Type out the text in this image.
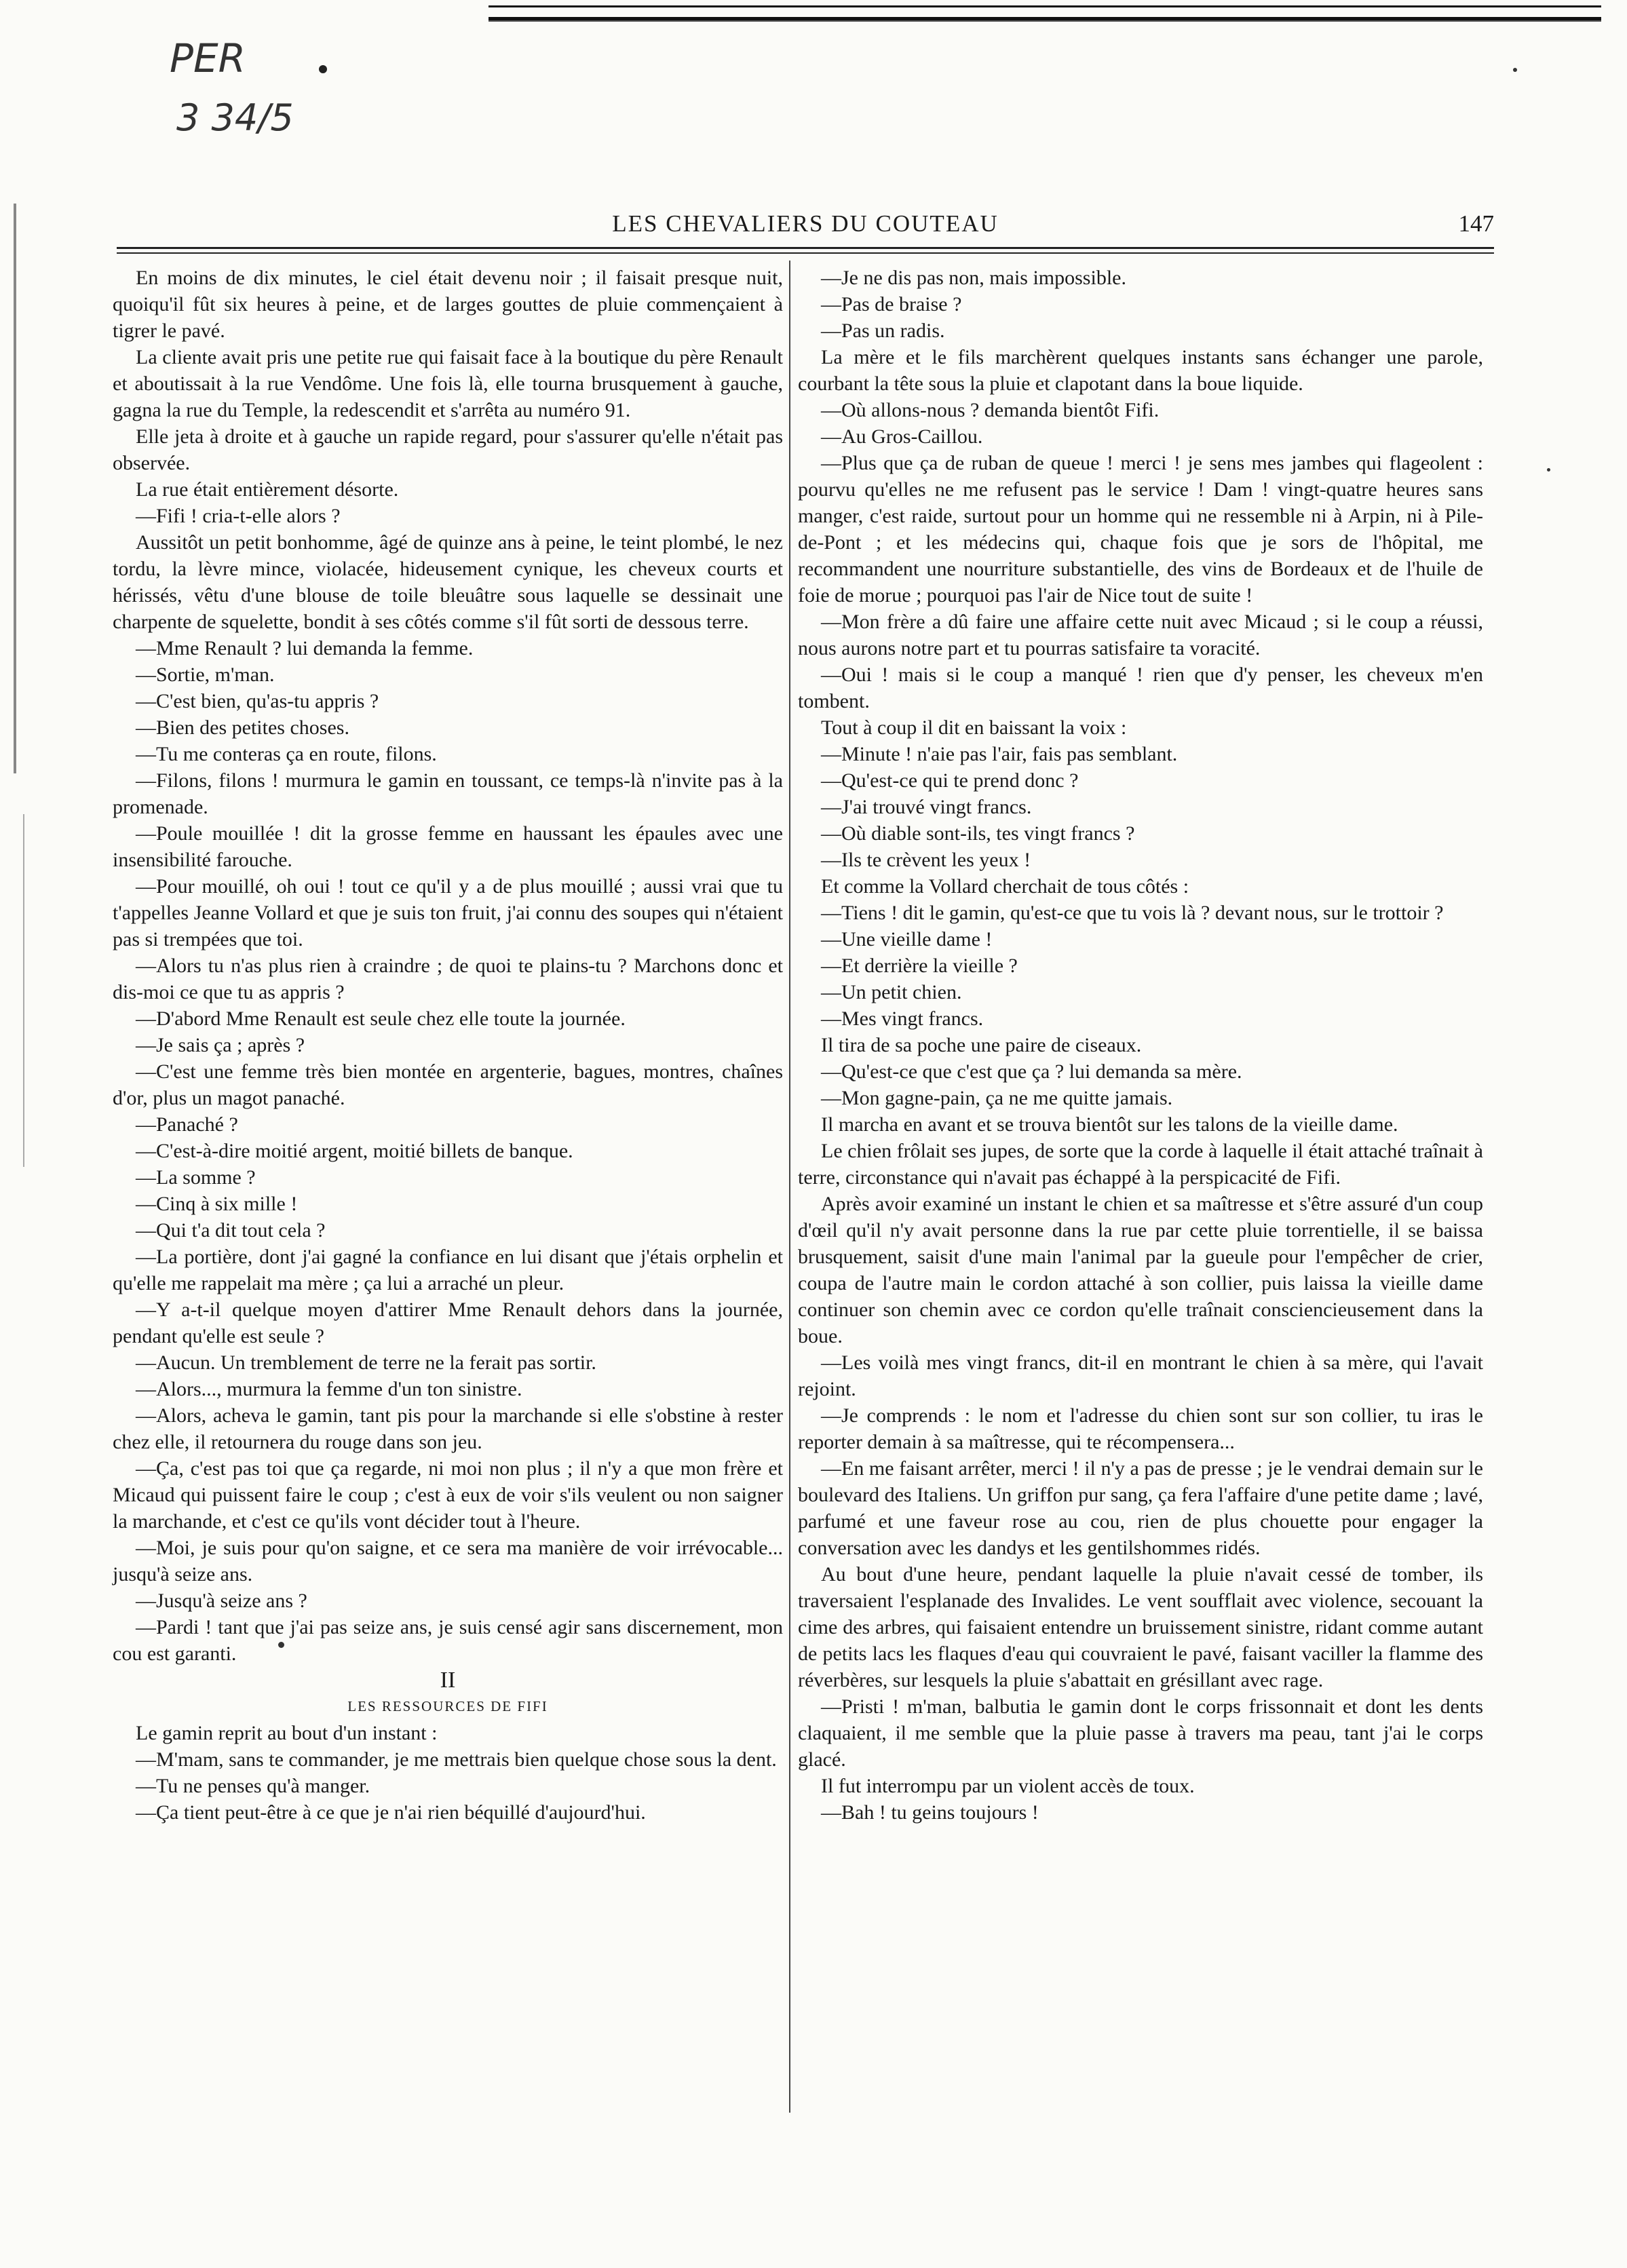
PER
3 34/5
LES CHEVALIERS DU COUTEAU	147

En moins de dix minutes, le ciel était devenu noir ; il faisait presque nuit, quoiqu'il fût six heures à peine, et de larges gouttes de pluie commençaient à tigrer le pavé.

La cliente avait pris une petite rue qui faisait face à la boutique du père Renault et aboutissait à la rue Vendôme. Une fois là, elle tourna brusquement à gauche, gagna la rue du Temple, la redescendit et s'arrêta au numéro 91.

Elle jeta à droite et à gauche un rapide regard, pour s'assurer qu'elle n'était pas observée.

La rue était entièrement désorte.

—Fifi ! cria-t-elle alors ?

Aussitôt un petit bonhomme, âgé de quinze ans à peine, le teint plombé, le nez tordu, la lèvre mince, violacée, hideusement cynique, les cheveux courts et hérissés, vêtu d'une blouse de toile bleuâtre sous laquelle se dessinait une charpente de squelette, bondit à ses côtés comme s'il fût sorti de dessous terre.

—Mme Renault ? lui demanda la femme.

—Sortie, m'man.

—C'est bien, qu'as-tu appris ?

—Bien des petites choses.

—Tu me conteras ça en route, filons.

—Filons, filons ! murmura le gamin en toussant, ce temps-là n'invite pas à la promenade.

—Poule mouillée ! dit la grosse femme en haussant les épaules avec une insensibilité farouche.

—Pour mouillé, oh oui ! tout ce qu'il y a de plus mouillé ; aussi vrai que tu t'appelles Jeanne Vollard et que je suis ton fruit, j'ai connu des soupes qui n'étaient pas si trempées que toi.

—Alors tu n'as plus rien à craindre ; de quoi te plains-tu ? Marchons donc et dis-moi ce que tu as appris ?

—D'abord Mme Renault est seule chez elle toute la journée.

—Je sais ça ; après ?

—C'est une femme très bien montée en argenterie, bagues, montres, chaînes d'or, plus un magot panaché.

—Panaché ?

—C'est-à-dire moitié argent, moitié billets de banque.

—La somme ?

—Cinq à six mille !

—Qui t'a dit tout cela ?

—La portière, dont j'ai gagné la confiance en lui disant que j'étais orphelin et qu'elle me rappelait ma mère ; ça lui a arraché un pleur.

—Y a-t-il quelque moyen d'attirer Mme Renault dehors dans la journée, pendant qu'elle est seule ?

—Aucun. Un tremblement de terre ne la ferait pas sortir.

—Alors..., murmura la femme d'un ton sinistre.

—Alors, acheva le gamin, tant pis pour la marchande si elle s'obstine à rester chez elle, il retournera du rouge dans son jeu.

—Ça, c'est pas toi que ça regarde, ni moi non plus ; il n'y a que mon frère et Micaud qui puissent faire le coup ; c'est à eux de voir s'ils veulent ou non saigner la marchande, et c'est ce qu'ils vont décider tout à l'heure.

—Moi, je suis pour qu'on saigne, et ce sera ma manière de voir irrévocable... jusqu'à seize ans.

—Jusqu'à seize ans ?

—Pardi ! tant que j'ai pas seize ans, je suis censé agir sans discernement, mon cou est garanti.

II

LES RESSOURCES DE FIFI

Le gamin reprit au bout d'un instant :

—M'mam, sans te commander, je me mettrais bien quelque chose sous la dent.

—Tu ne penses qu'à manger.

—Ça tient peut-être à ce que je n'ai rien béquillé d'aujourd'hui.

—Je ne dis pas non, mais impossible.

—Pas de braise ?

—Pas un radis.

La mère et le fils marchèrent quelques instants sans échanger une parole, courbant la tête sous la pluie et clapotant dans la boue liquide.

—Où allons-nous ? demanda bientôt Fifi.

—Au Gros-Caillou.

—Plus que ça de ruban de queue ! merci ! je sens mes jambes qui flageolent : pourvu qu'elles ne me refusent pas le service ! Dam ! vingt-quatre heures sans manger, c'est raide, surtout pour un homme qui ne ressemble ni à Arpin, ni à Pile-de-Pont ; et les médecins qui, chaque fois que je sors de l'hôpital, me recommandent une nourriture substantielle, des vins de Bordeaux et de l'huile de foie de morue ; pourquoi pas l'air de Nice tout de suite !

—Mon frère a dû faire une affaire cette nuit avec Micaud ; si le coup a réussi, nous aurons notre part et tu pourras satisfaire ta voracité.

—Oui ! mais si le coup a manqué ! rien que d'y penser, les cheveux m'en tombent.

Tout à coup il dit en baissant la voix :

—Minute ! n'aie pas l'air, fais pas semblant.

—Qu'est-ce qui te prend donc ?

—J'ai trouvé vingt francs.

—Où diable sont-ils, tes vingt francs ?

—Ils te crèvent les yeux !

Et comme la Vollard cherchait de tous côtés :

—Tiens ! dit le gamin, qu'est-ce que tu vois là ? devant nous, sur le trottoir ?

—Une vieille dame !

—Et derrière la vieille ?

—Un petit chien.

—Mes vingt francs.

Il tira de sa poche une paire de ciseaux.

—Qu'est-ce que c'est que ça ? lui demanda sa mère.

—Mon gagne-pain, ça ne me quitte jamais.

Il marcha en avant et se trouva bientôt sur les talons de la vieille dame.

Le chien frôlait ses jupes, de sorte que la corde à laquelle il était attaché traînait à terre, circonstance qui n'avait pas échappé à la perspicacité de Fifi.

Après avoir examiné un instant le chien et sa maîtresse et s'être assuré d'un coup d'œil qu'il n'y avait personne dans la rue par cette pluie torrentielle, il se baissa brusquement, saisit d'une main l'animal par la gueule pour l'empêcher de crier, coupa de l'autre main le cordon attaché à son collier, puis laissa la vieille dame continuer son chemin avec ce cordon qu'elle traînait consciencieusement dans la boue.

—Les voilà mes vingt francs, dit-il en montrant le chien à sa mère, qui l'avait rejoint.

—Je comprends : le nom et l'adresse du chien sont sur son collier, tu iras le reporter demain à sa maîtresse, qui te récompensera...

—En me faisant arrêter, merci ! il n'y a pas de presse ; je le vendrai demain sur le boulevard des Italiens. Un griffon pur sang, ça fera l'affaire d'une petite dame ; lavé, parfumé et une faveur rose au cou, rien de plus chouette pour engager la conversation avec les dandys et les gentilshommes ridés.

Au bout d'une heure, pendant laquelle la pluie n'avait cessé de tomber, ils traversaient l'esplanade des Invalides. Le vent soufflait avec violence, secouant la cime des arbres, qui faisaient entendre un bruissement sinistre, ridant comme autant de petits lacs les flaques d'eau qui couvraient le pavé, faisant vaciller la flamme des réverbères, sur lesquels la pluie s'abattait en grésillant avec rage.

—Pristi ! m'man, balbutia le gamin dont le corps frissonnait et dont les dents claquaient, il me semble que la pluie passe à travers ma peau, tant j'ai le corps glacé.

Il fut interrompu par un violent accès de toux.

—Bah ! tu geins toujours !
